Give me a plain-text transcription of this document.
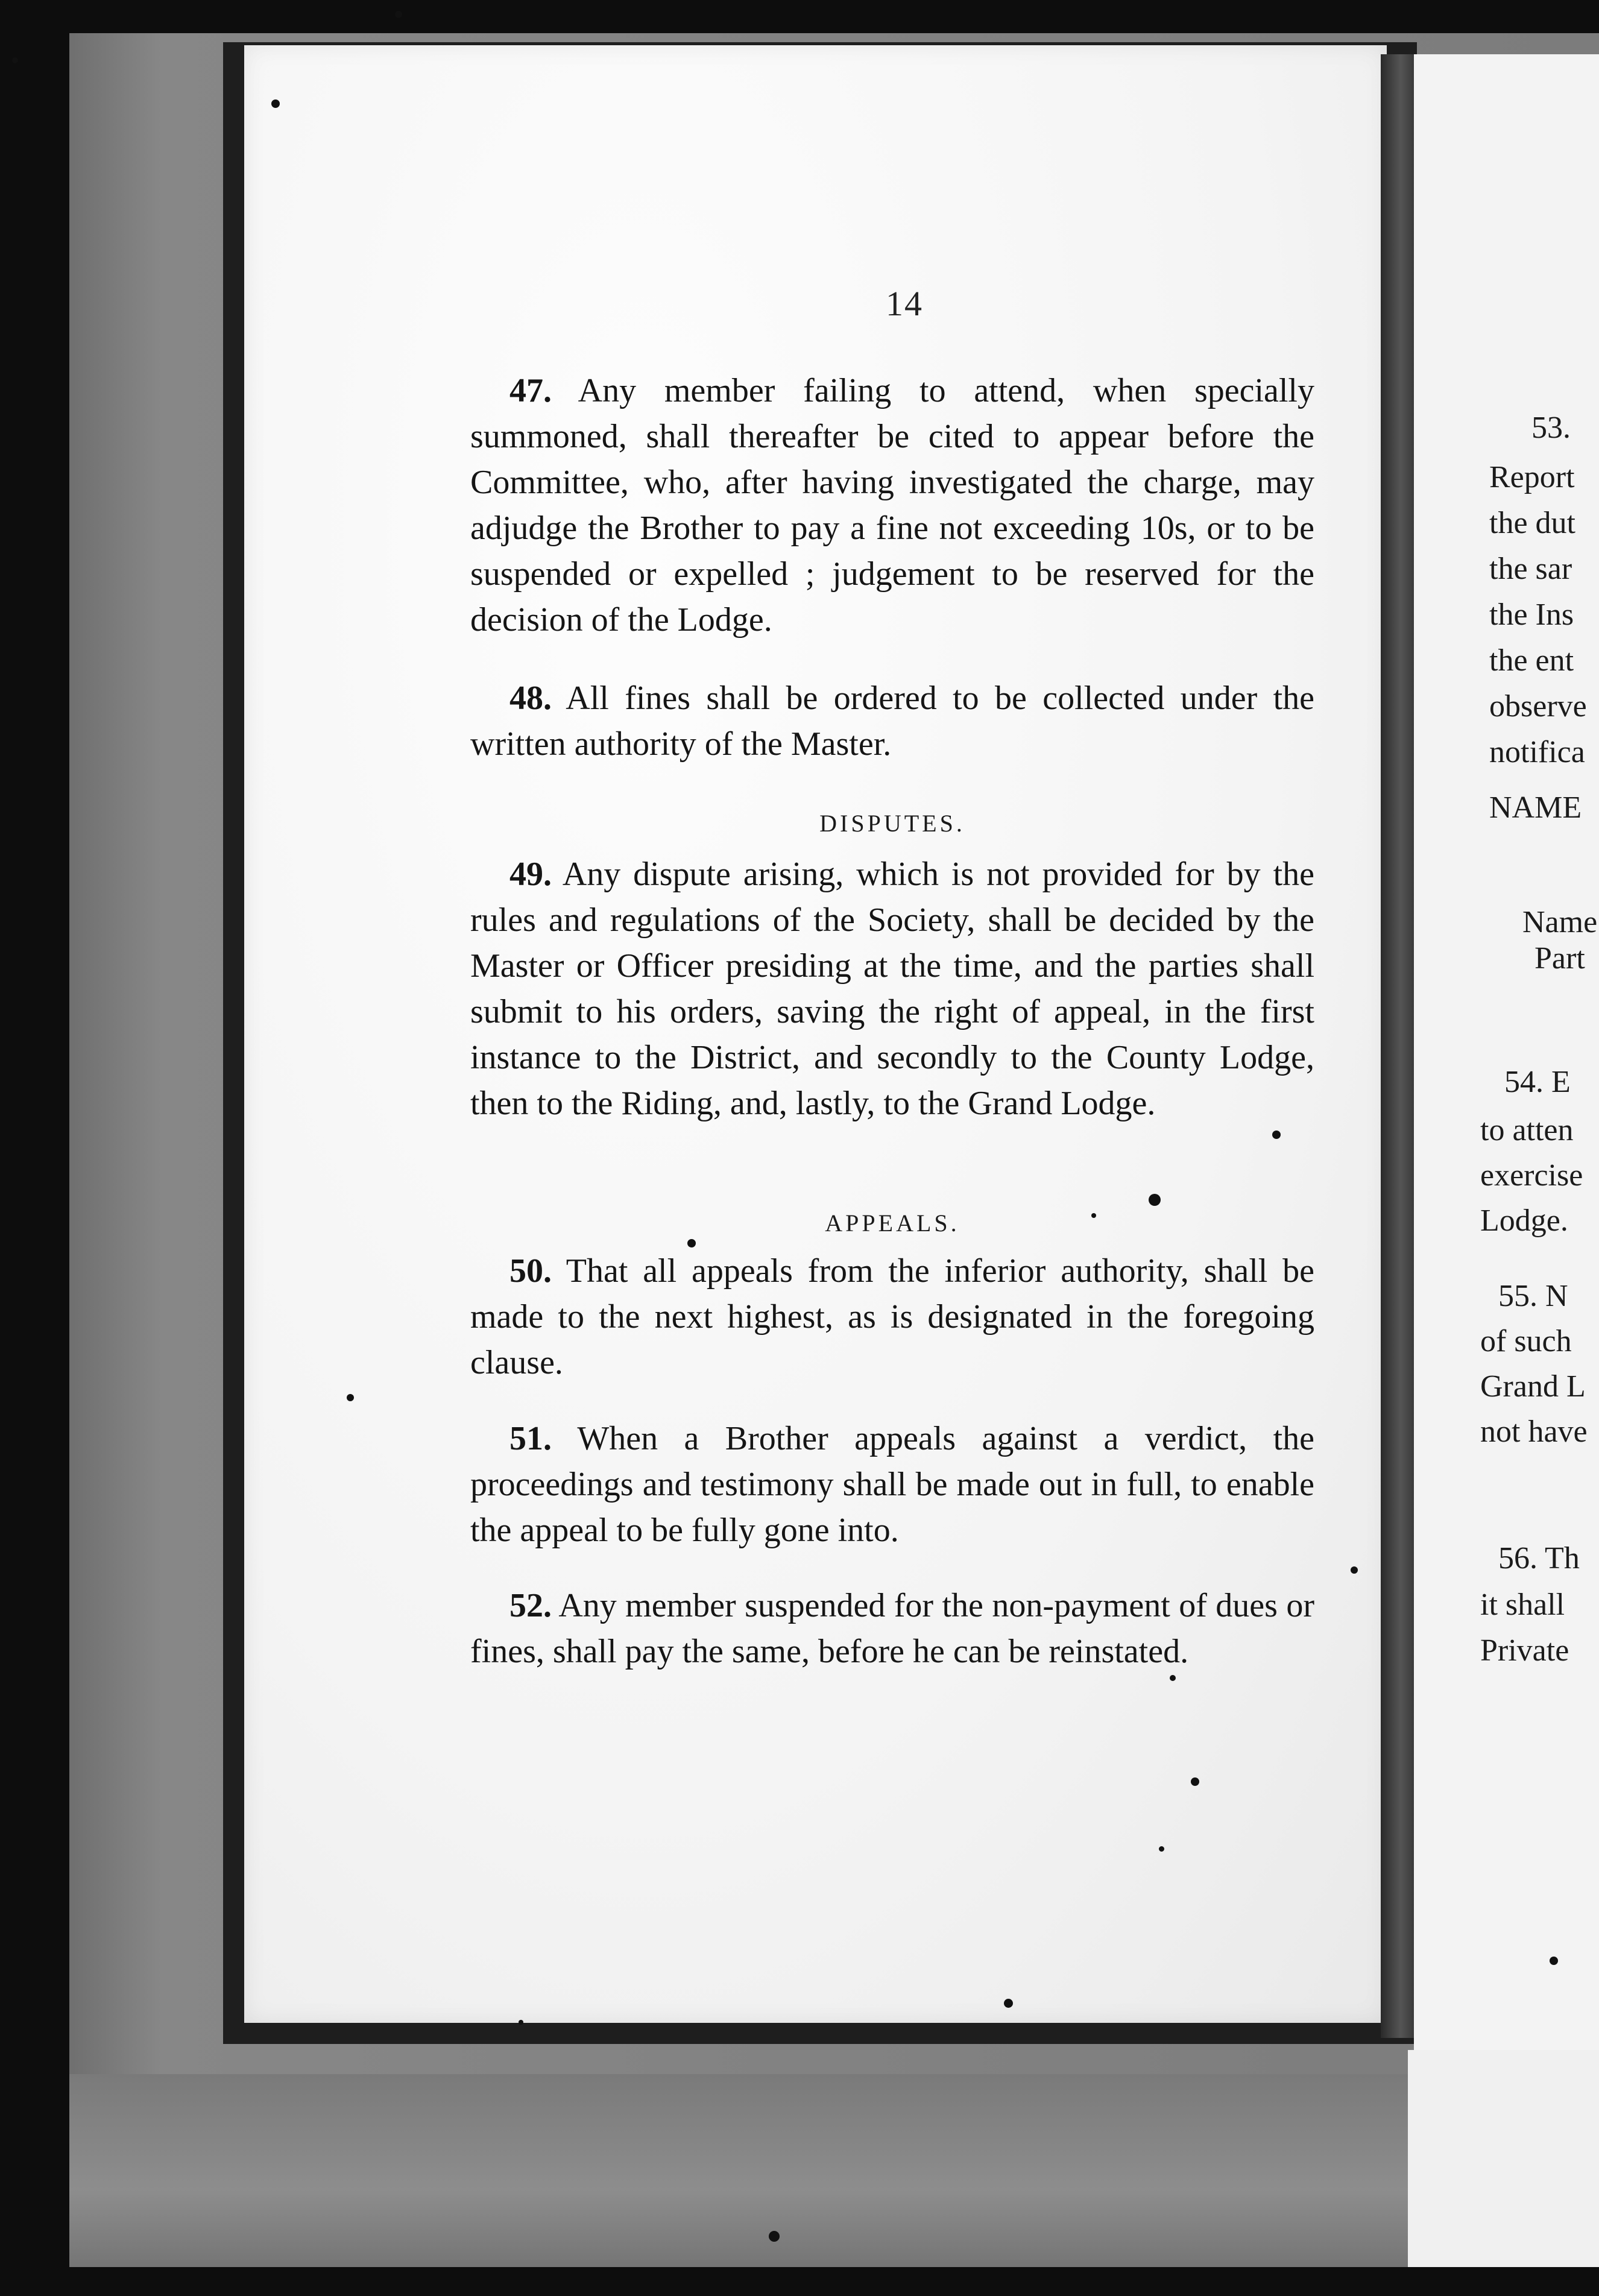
14

47. Any member failing to attend, when specially summoned, shall thereafter be cited to appear before the Committee, who, after having investigated the charge, may adjudge the Brother to pay a fine not exceeding 10s, or to be suspended or expelled ; judgement to be reserved for the decision of the Lodge.

48. All fines shall be ordered to be collected under the written authority of the Master.

DISPUTES.

49. Any dispute arising, which is not provided for by the rules and regulations of the Society, shall be decided by the Master or Officer presiding at the time, and the parties shall submit to his orders, saving the right of appeal, in the first instance to the District, and secondly to the County Lodge, then to the Riding, and, lastly, to the Grand Lodge.

APPEALS.

50. That all appeals from the inferior authority, shall be made to the next highest, as is designated in the foregoing clause.

51. When a Brother appeals against a verdict, the proceedings and testimony shall be made out in full, to enable the appeal to be fully gone into.

52. Any member suspended for the non-payment of dues or fines, shall pay the same, before he can be reinstated.

53.
Report
the dut
the sar
the Ins
the ent
observe
notifica
NAME
Name
Part
54. E
to atten
exercise
Lodge.
55. N
of such
Grand L
not have
56. Th
it shall
Private
